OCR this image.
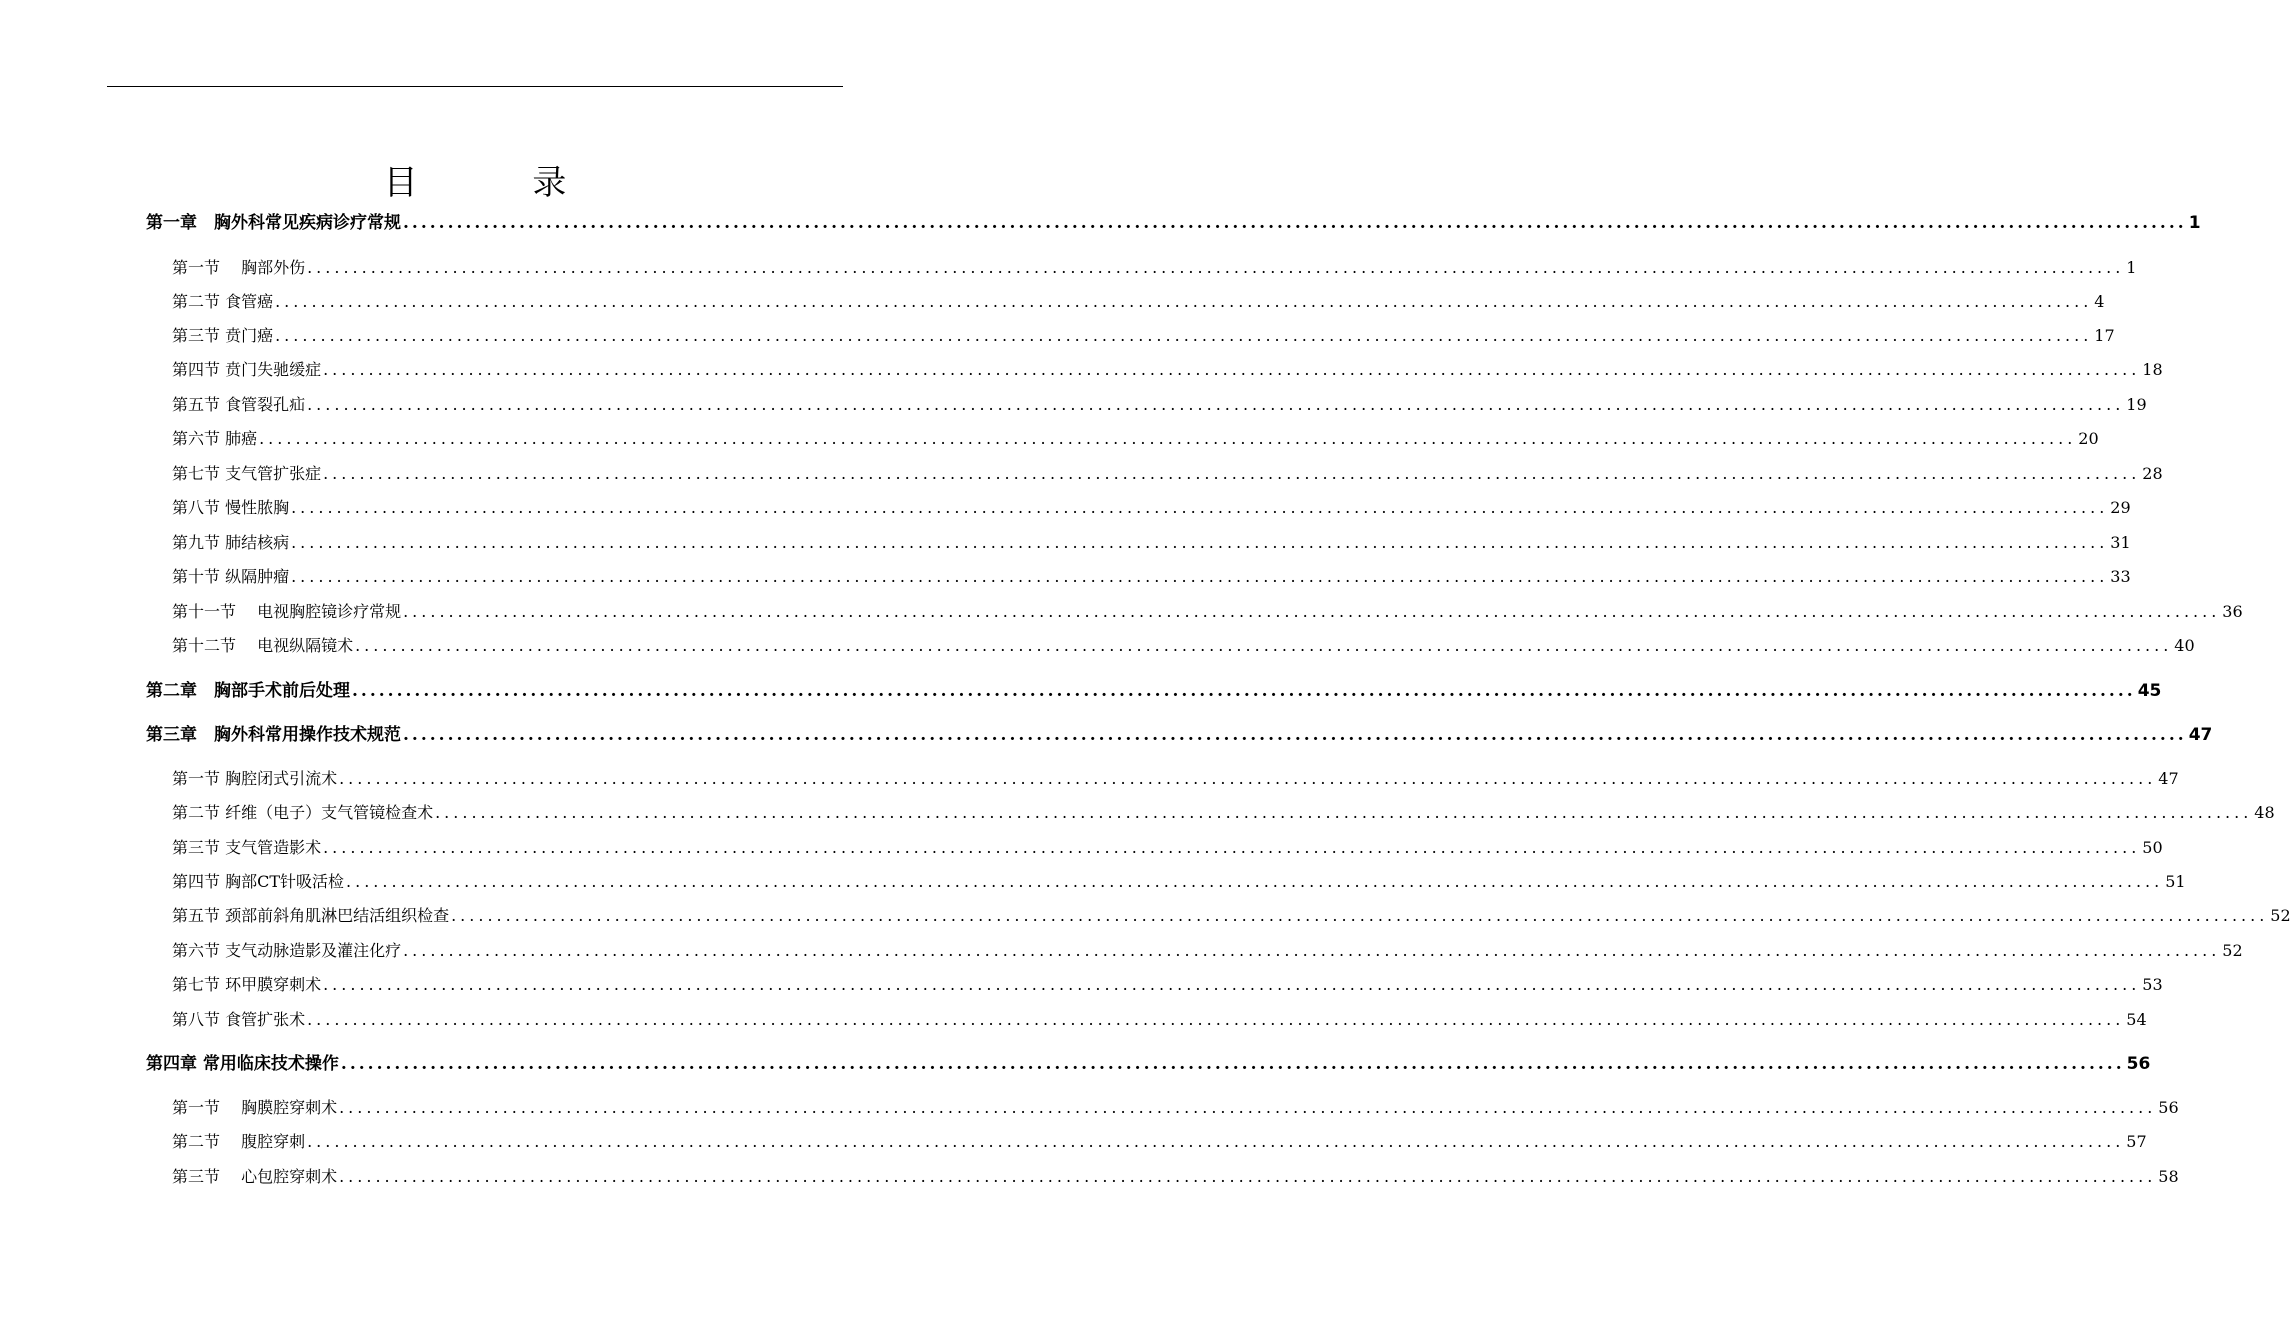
目 录
第一章　胸外科常见疾病诊疗常规 ........................................................................................................................................................................................................ 1
第一节　 胸部外伤 ........................................................................................................................................................................................................ 1
第二节 食管癌 ........................................................................................................................................................................................................ 4
第三节 贲门癌 ........................................................................................................................................................................................................ 17
第四节 贲门失驰缓症 ........................................................................................................................................................................................................ 18
第五节 食管裂孔疝 ........................................................................................................................................................................................................ 19
第六节 肺癌 ........................................................................................................................................................................................................ 20
第七节 支气管扩张症 ........................................................................................................................................................................................................ 28
第八节 慢性脓胸 ........................................................................................................................................................................................................ 29
第九节 肺结核病 ........................................................................................................................................................................................................ 31
第十节 纵隔肿瘤 ........................................................................................................................................................................................................ 33
第十一节　 电视胸腔镜诊疗常规 ........................................................................................................................................................................................................ 36
第十二节　 电视纵隔镜术 ........................................................................................................................................................................................................ 40
第二章　胸部手术前后处理 ........................................................................................................................................................................................................ 45
第三章　胸外科常用操作技术规范 ........................................................................................................................................................................................................ 47
第一节 胸腔闭式引流术 ........................................................................................................................................................................................................ 47
第二节 纤维（电子）支气管镜检查术 ........................................................................................................................................................................................................ 48
第三节 支气管造影术 ........................................................................................................................................................................................................ 50
第四节 胸部CT针吸活检 ........................................................................................................................................................................................................ 51
第五节 颈部前斜角肌淋巴结活组织检查 ........................................................................................................................................................................................................ 52
第六节 支气动脉造影及灌注化疗 ........................................................................................................................................................................................................ 52
第七节 环甲膜穿刺术 ........................................................................................................................................................................................................ 53
第八节 食管扩张术 ........................................................................................................................................................................................................ 54
第四章 常用临床技术操作 ........................................................................................................................................................................................................ 56
第一节　 胸膜腔穿刺术 ........................................................................................................................................................................................................ 56
第二节　 腹腔穿刺 ........................................................................................................................................................................................................ 57
第三节　 心包腔穿刺术 ........................................................................................................................................................................................................ 58
